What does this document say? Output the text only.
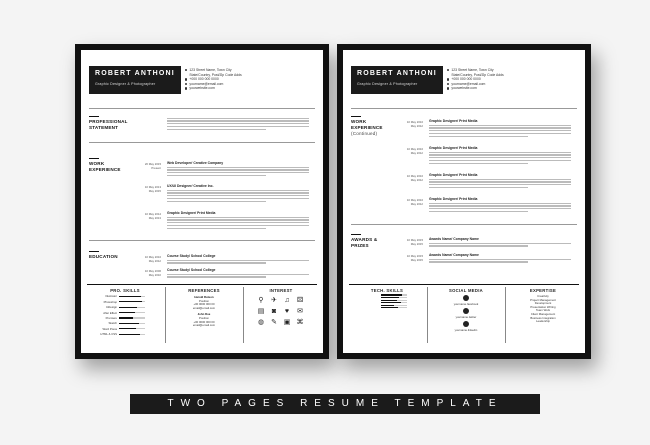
ROBERT ANTHONI
Graphic Designer & Photographer
123 Street Name, Town City
State/Country, Post/Zip Code Adds
+000 000 000 0000
yourname@email.com
yourwebsite.com
PROFESSIONAL
STATEMENT
WORK
EXPERIENCE
20 May 2015
Present
Web Developer/ Creative Company
10 May 2013
May 2015
UX/UI Designer/ Creative Inc.
10 May 2012
May 2013
Graphic Designer/ Print Media
EDUCATION	10 May 2010
May 2012
Course Study/ School College
10 May 2006
May 2010
Course Study/ School College
PRO. SKILLS
Illustrator
Photoshop
InDesign
After Effect
Premiere
Sketch
Word Press
HTML & CSS
REFERENCES
Harold Rutson
Position
+00 0000 000 00
email@email.com
John Doe
Position
+00 0000 000 00
email@email.com
INTEREST
⚲ ✈ ♫ ⚄
▤ ◙ ♥ ✉
◍ ✎ ▣ ⌘
ROBERT ANTHONI
Graphic Designer & Photographer
123 Street Name, Town City
State/Country, Post/Zip Code Adds
+000 000 000 0000
yourname@email.com
yourwebsite.com
WORK
EXPERIENCE
(Continued)
10 May 2010
May 2012
Graphic Designer/ Print Media
10 May 2010
May 2012
Graphic Designer/ Print Media
10 May 2010
May 2012
Graphic Designer/ Print Media
10 May 2010
May 2012
Graphic Designer/ Print Media
AWARDS &
PRIZES
10 May 2015
May 2015
Awards Name/ Company Name
10 May 2015
May 2015
Awards Name/ Company Name
TECH. SKILLS	SOCIAL MEDIA
yourname.facebook
yourname.twitter
yourname.linkedin
EXPERTISE
Creativity
Project Management
Development
Presentation Writing
Team Work
Client Management
Business Integration
Leadership
TWO PAGES RESUME TEMPLATE
